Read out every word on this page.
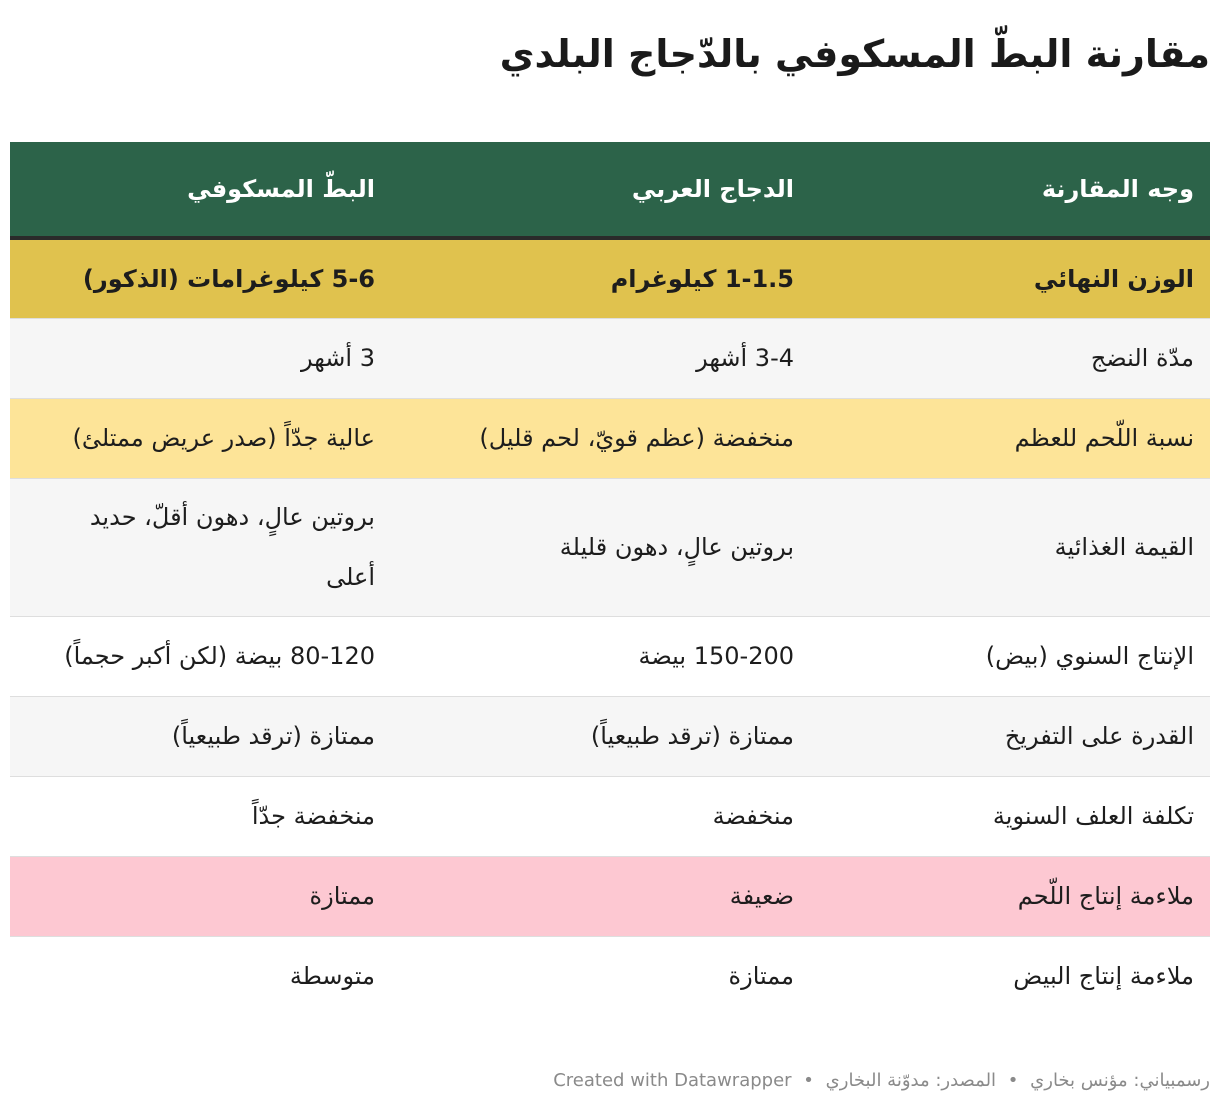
مقارنة البطّ المسكوفي بالدّجاج البلدي
وجه المقارنة	الدجاج العربي	البطّ المسكوفي
الوزن النهائي	1-1.5 كيلوغرام	5-6 كيلوغرامات (الذكور)
مدّة النضج	3-4 أشهر	3 أشهر
نسبة اللّحم للعظم	منخفضة (عظم قويّ، لحم قليل)	عالية جدّاً (صدر عريض ممتلئ)
القيمة الغذائية	بروتين عالٍ، دهون قليلة	بروتين عالٍ، دهون أقلّ، حديد أعلى
الإنتاج السنوي (بيض)	150-200 بيضة	80-120 بيضة (لكن أكبر حجماً)
القدرة على التفريخ	ممتازة (ترقد طبيعياً)	ممتازة (ترقد طبيعياً)
تكلفة العلف السنوية	منخفضة	منخفضة جدّاً
ملاءمة إنتاج اللّحم	ضعيفة	ممتازة
ملاءمة إنتاج البيض	ممتازة	متوسطة
رسمبياني: مؤنس بخاري • المصدر: مدوّنة البخاري • Created with Datawrapper
